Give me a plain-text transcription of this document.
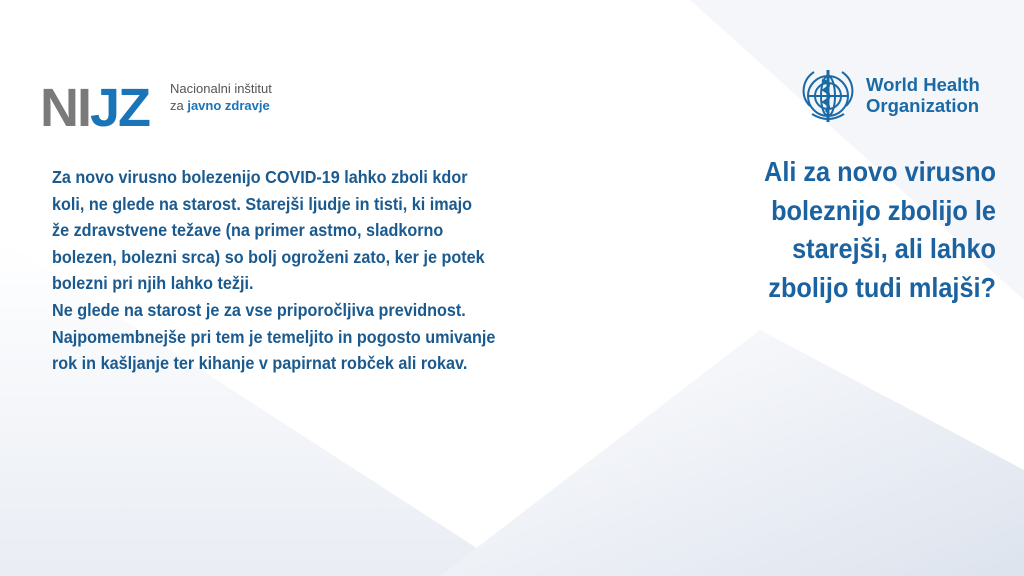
NIJZ Nacionalni inštitut
za javno zdravje
World Health
Organization

Za novo virusno bolezenijo COVID-19 lahko zboli kdor

koli, ne glede na starost. Starejši ljudje in tisti, ki imajo

že zdravstvene težave (na primer astmo, sladkorno

bolezen, bolezni srca) so bolj ogroženi zato, ker je potek

bolezni pri njih lahko težji.

Ne glede na starost je za vse priporočljiva previdnost.

Najpomembnejše pri tem je temeljito in pogosto umivanje

rok in kašljanje ter kihanje v papirnat robček ali rokav.

Ali za novo virusno
boleznijo zbolijo le
starejši, ali lahko
zbolijo tudi mlajši?
